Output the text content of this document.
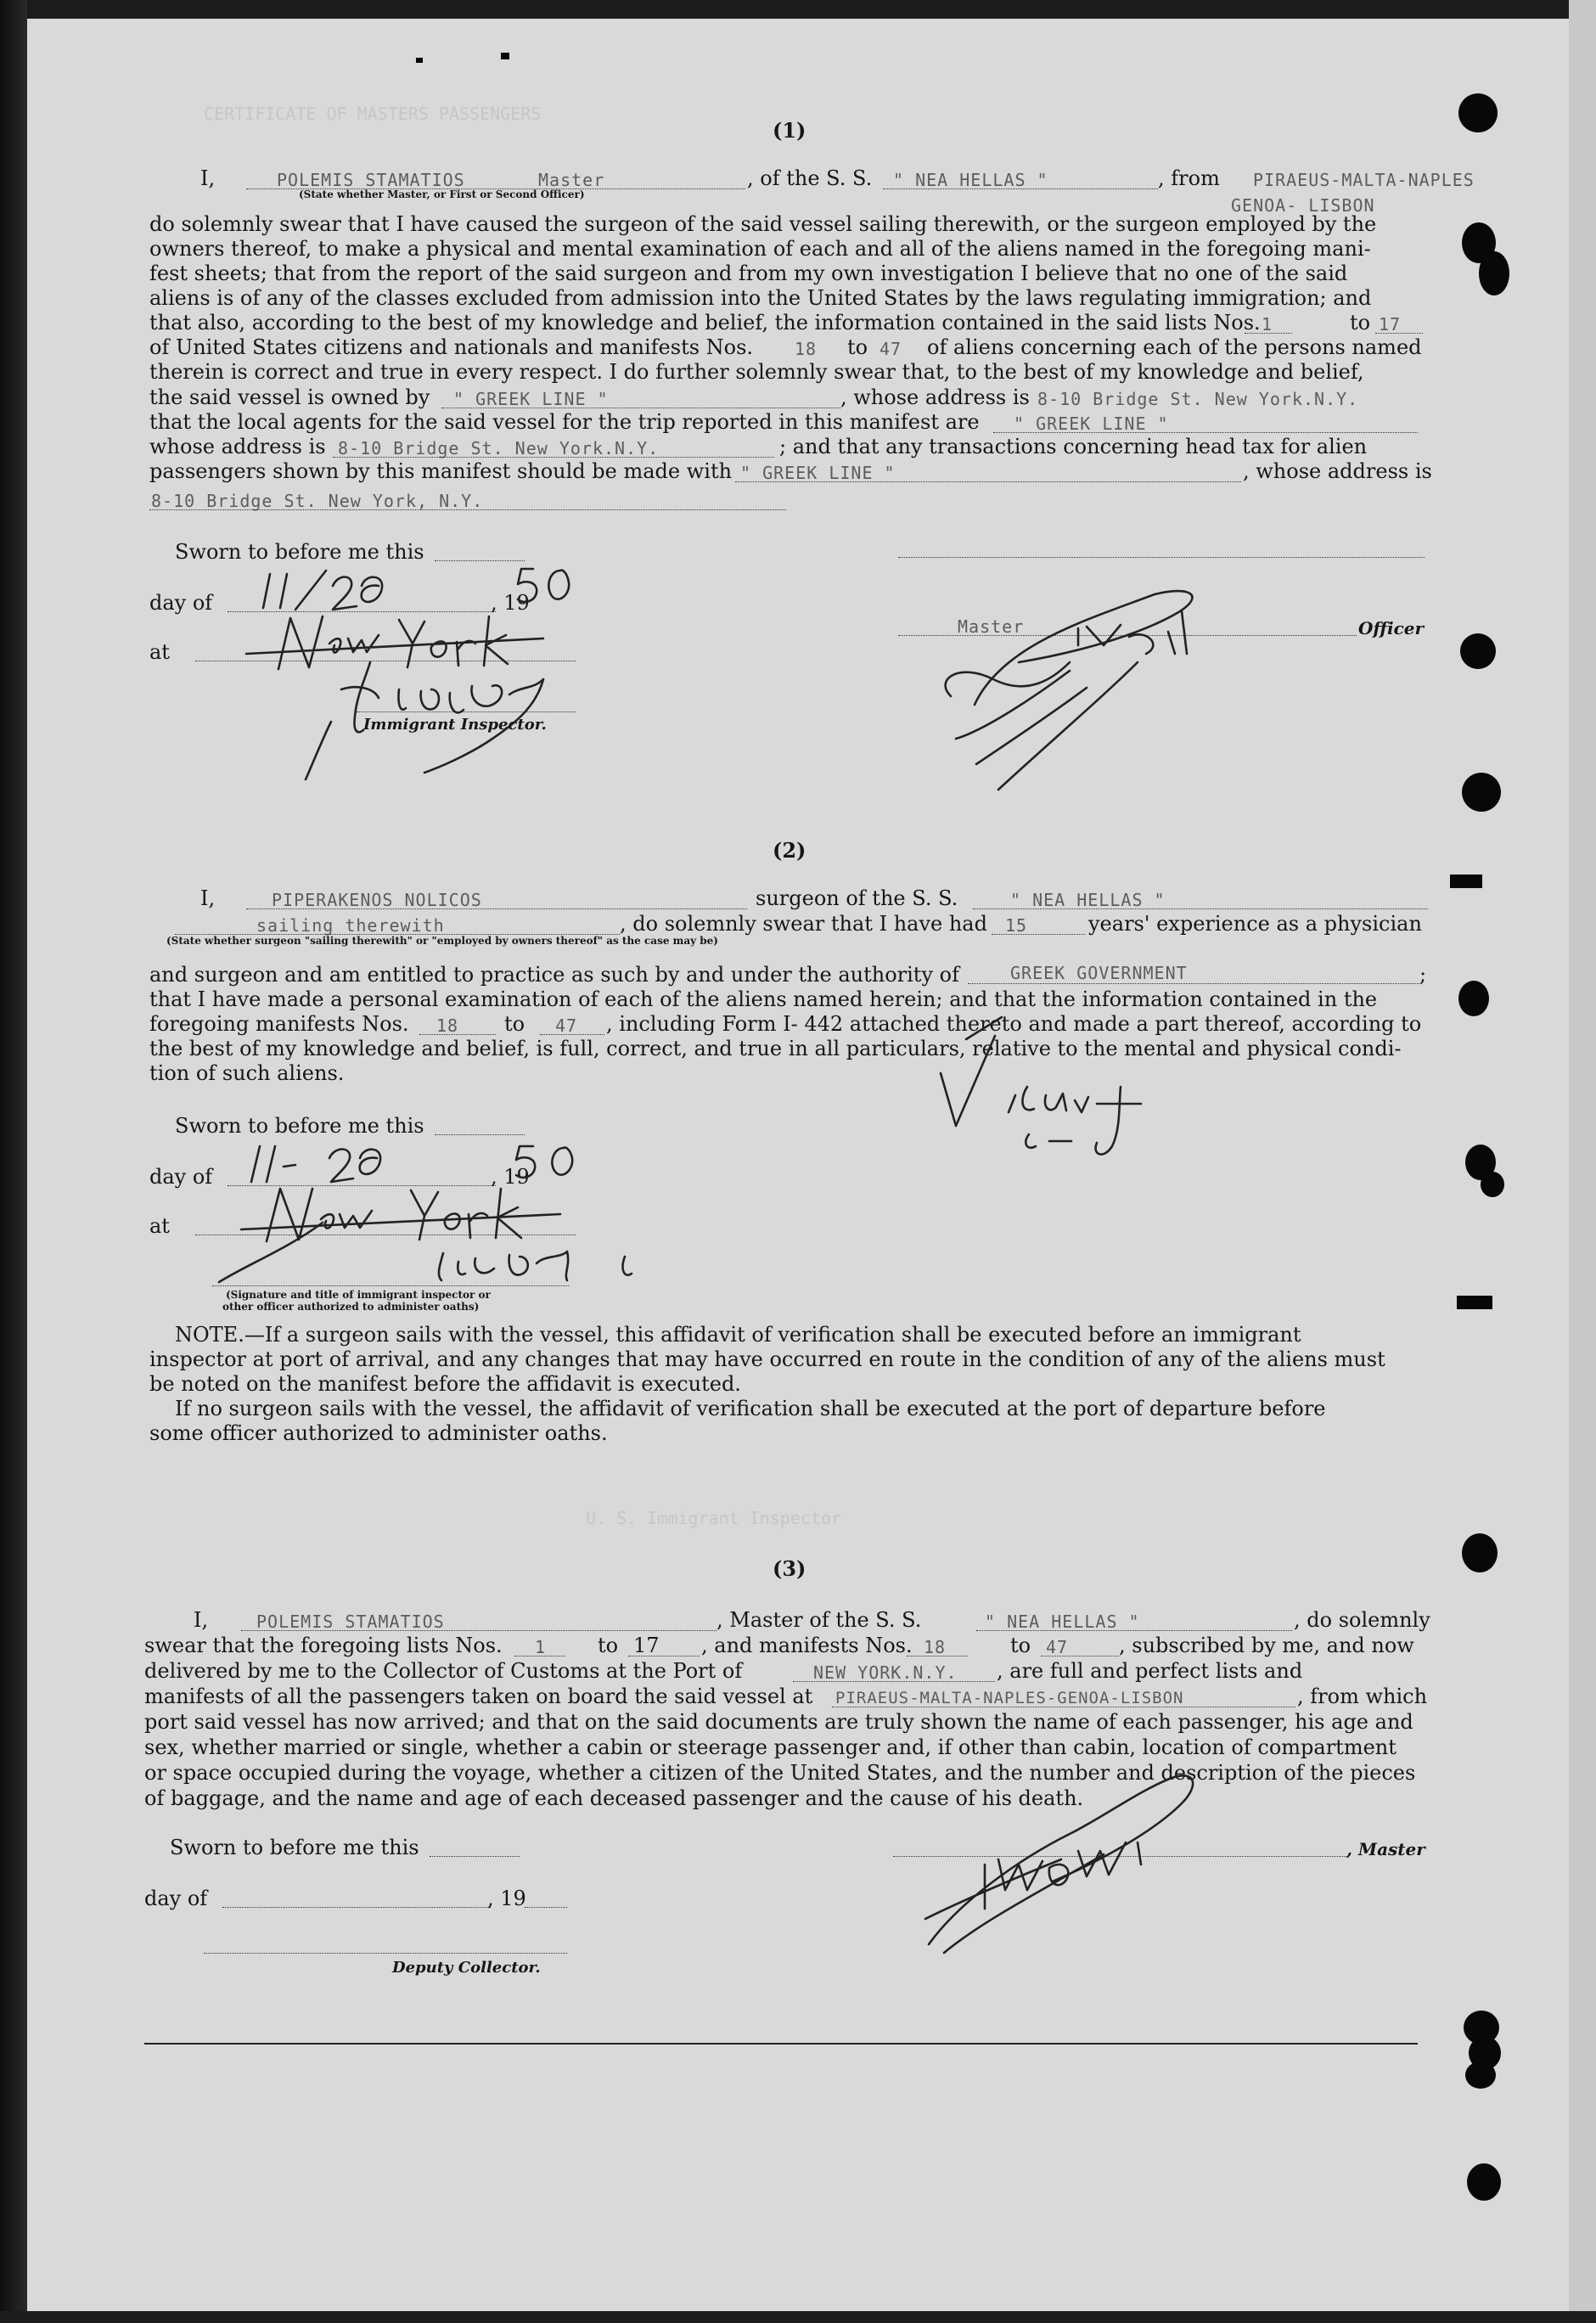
CERTIFICATE OF MASTERS PASSENGERS
U. S. Immigrant Inspector
(1)
I,	POLEMIS STAMATIOS	Master
(State whether Master, or First or Second Officer)
, of the S. S. " NEA HELLAS "	, from PIRAEUS-MALTA-NAPLES
GENOA- LISBON
do solemnly swear that I have caused the surgeon of the said vessel sailing therewith, or the surgeon employed by the
owners thereof, to make a physical and mental examination of each and all of the aliens named in the foregoing mani-
fest sheets; that from the report of the said surgeon and from my own investigation I believe that no one of the said
aliens is of any of the classes excluded from admission into the United States by the laws regulating immigration; and
that also, according to the best of my knowledge and belief, the information contained in the said lists Nos. 1	to 17
of United States citizens and nationals and manifests Nos. 18 to 47 of aliens concerning each of the persons named
therein is correct and true in every respect. I do further solemnly swear that, to the best of my knowledge and belief,
the said vessel is owned by " GREEK LINE "	, whose address is 8-10 Bridge St. New York.N.Y.
that the local agents for the said vessel for the trip reported in this manifest are " GREEK LINE "
whose address is 8-10 Bridge St. New York.N.Y.	; and that any transactions concerning head tax for alien
passengers shown by this manifest should be made with " GREEK LINE "	, whose address is
8-10 Bridge St. New York, N.Y.
Sworn to before me this
day of	, 19
Master	Officer
at
Immigrant Inspector.
(2)
I,	PIPERAKENOS NOLICOS	surgeon of the S. S.	" NEA HELLAS "
sailing therewith	, do solemnly swear that I have had 15	years' experience as a physician
(State whether surgeon "sailing therewith" or "employed by owners thereof" as the case may be)
and surgeon and am entitled to practice as such by and under the authority of	GREEK GOVERNMENT	;
that I have made a personal examination of each of the aliens named herein; and that the information contained in the
foregoing manifests Nos. 18 to 47 , including Form I- 442 attached thereto and made a part thereof, according to
the best of my knowledge and belief, is full, correct, and true in all particulars, relative to the mental and physical condi-
tion of such aliens.
Sworn to before me this
day of	, 19
at
(Signature and title of immigrant inspector or
other officer authorized to administer oaths)
NOTE.—If a surgeon sails with the vessel, this affidavit of verification shall be executed before an immigrant
inspector at port of arrival, and any changes that may have occurred en route in the condition of any of the aliens must
be noted on the manifest before the affidavit is executed.
If no surgeon sails with the vessel, the affidavit of verification shall be executed at the port of departure before
some officer authorized to administer oaths.
(3)
I,	POLEMIS STAMATIOS	, Master of the S. S.	" NEA HELLAS "	, do solemnly
swear that the foregoing lists Nos. 1	to 17 , and manifests Nos. 18	to 47 , subscribed by me, and now
delivered by me to the Collector of Customs at the Port of	NEW YORK.N.Y. , are full and perfect lists and
manifests of all the passengers taken on board the said vessel at PIRAEUS-MALTA-NAPLES-GENOA-LISBON	, from which
port said vessel has now arrived; and that on the said documents are truly shown the name of each passenger, his age and
sex, whether married or single, whether a cabin or steerage passenger and, if other than cabin, location of compartment
or space occupied during the voyage, whether a citizen of the United States, and the number and description of the pieces
of baggage, and the name and age of each deceased passenger and the cause of his death.
Sworn to before me this	, Master
day of	, 19
Deputy Collector.
